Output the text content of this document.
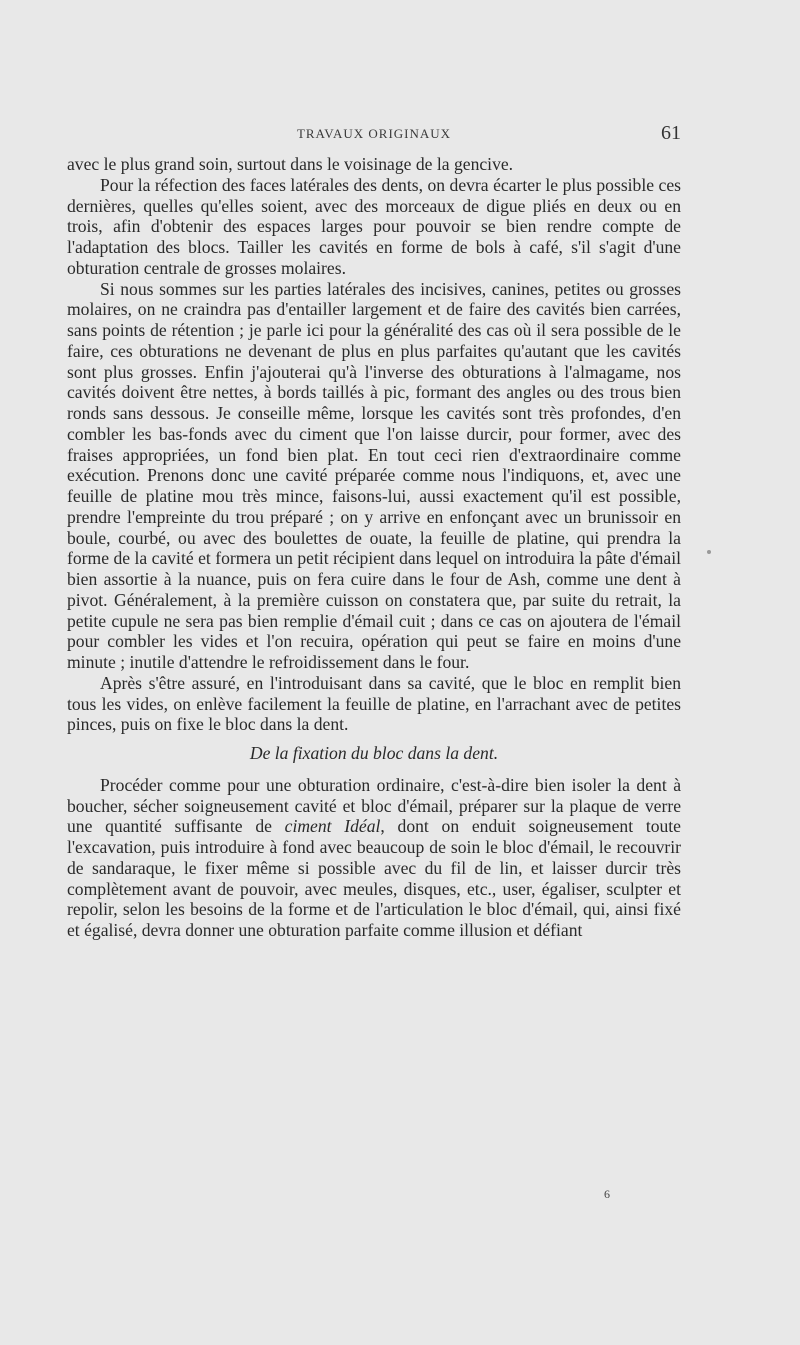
TRAVAUX ORIGINAUX	61

avec le plus grand soin, surtout dans le voisinage de la gencive.

Pour la réfection des faces latérales des dents, on devra écarter le plus possible ces dernières, quelles qu'elles soient, avec des morceaux de digue pliés en deux ou en trois, afin d'obtenir des espaces larges pour pouvoir se bien rendre compte de l'adaptation des blocs. Tailler les cavités en forme de bols à café, s'il s'agit d'une obturation centrale de grosses molaires.

Si nous sommes sur les parties latérales des incisives, canines, petites ou grosses molaires, on ne craindra pas d'entailler largement et de faire des cavités bien carrées, sans points de rétention ; je parle ici pour la généralité des cas où il sera possible de le faire, ces obturations ne devenant de plus en plus parfaites qu'autant que les cavités sont plus grosses. Enfin j'ajouterai qu'à l'inverse des obturations à l'almagame, nos cavités doivent être nettes, à bords taillés à pic, formant des angles ou des trous bien ronds sans dessous. Je conseille même, lorsque les cavités sont très profondes, d'en combler les bas-fonds avec du ciment que l'on laisse durcir, pour former, avec des fraises appropriées, un fond bien plat. En tout ceci rien d'extraordinaire comme exécution. Prenons donc une cavité préparée comme nous l'indiquons, et, avec une feuille de platine mou très mince, faisons-lui, aussi exactement qu'il est possible, prendre l'empreinte du trou préparé ; on y arrive en enfonçant avec un brunissoir en boule, courbé, ou avec des boulettes de ouate, la feuille de platine, qui prendra la forme de la cavité et formera un petit récipient dans lequel on introduira la pâte d'émail bien assortie à la nuance, puis on fera cuire dans le four de Ash, comme une dent à pivot. Généralement, à la première cuisson on constatera que, par suite du retrait, la petite cupule ne sera pas bien remplie d'émail cuit ; dans ce cas on ajoutera de l'émail pour combler les vides et l'on recuira, opération qui peut se faire en moins d'une minute ; inutile d'attendre le refroidissement dans le four.

Après s'être assuré, en l'introduisant dans sa cavité, que le bloc en remplit bien tous les vides, on enlève facilement la feuille de platine, en l'arrachant avec de petites pinces, puis on fixe le bloc dans la dent.

De la fixation du bloc dans la dent.

Procéder comme pour une obturation ordinaire, c'est-à-dire bien isoler la dent à boucher, sécher soigneusement cavité et bloc d'émail, préparer sur la plaque de verre une quantité suffisante de ciment Idéal, dont on enduit soigneusement toute l'excavation, puis introduire à fond avec beaucoup de soin le bloc d'émail, le recouvrir de sandaraque, le fixer même si possible avec du fil de lin, et laisser durcir très complètement avant de pouvoir, avec meules, disques, etc., user, égaliser, sculpter et repolir, selon les besoins de la forme et de l'articulation le bloc d'émail, qui, ainsi fixé et égalisé, devra donner une obturation parfaite comme illusion et défiant

6
